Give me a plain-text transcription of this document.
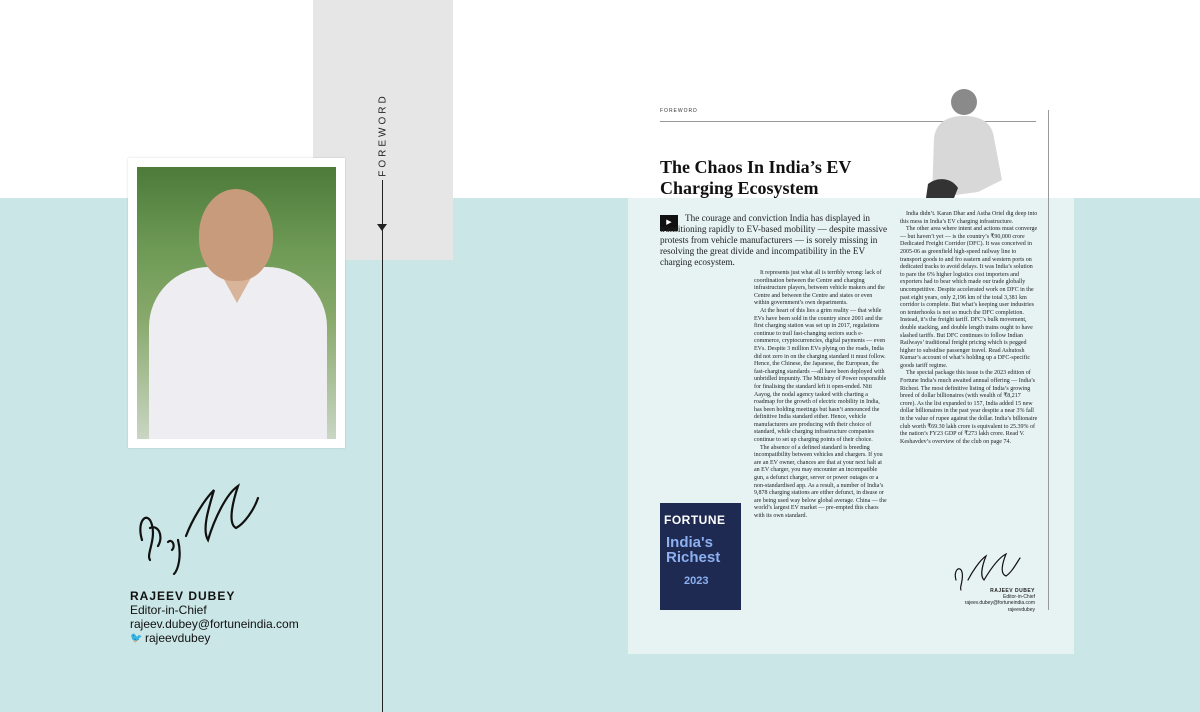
FOREWORD
RAJEEV DUBEY
Editor-in-Chief
rajeev.dubey@fortuneindia.com
🐦 rajeevdubey
FOREWORD
The Chaos In India’s EV Charging Ecosystem
▶	The courage and conviction India has displayed in transitioning rapidly to EV-based mobility — despite massive protests from vehicle manufacturers — is sorely missing in resolving the great divide and incompatibility in the EV charging ecosystem.

It represents just what all is terribly wrong: lack of coordination between the Centre and charging infrastructure players, between vehicle makers and the Centre and between the Centre and states or even within government’s own departments.

At the heart of this lies a grim reality — that while EVs have been sold in the country since 2001 and the first charging station was set up in 2017, regulations continue to trail fast-changing sectors such e-commerce, cryptocurrencies, digital payments — even EVs. Despite 3 million EVs plying on the roads, India did not zero in on the charging standard it must follow. Hence, the Chinese, the Japanese, the European, the fast-charging standards —all have been deployed with unbridled impunity. The Ministry of Power responsible for finalising the standard left it open-ended. Niti Aayog, the nodal agency tasked with charting a roadmap for the growth of electric mobility in India, has been holding meetings but hasn’t announced the definitive India standard either. Hence, vehicle manufacturers are producing with their choice of standard, while charging infrastructure companies continue to set up charging points of their choice.

The absence of a defined standard is breeding incompatibility between vehicles and chargers. If you are an EV owner, chances are that at your next halt at an EV charger, you may encounter an incompatible gun, a defunct charger, server or power outages or a non-standardised app. As a result, a number of India’s 9,878 charging stations are either defunct, in disuse or are being used way below global average. China — the world’s largest EV market — pre-empted this chaos with its own standard.

India didn’t. Karan Dhar and Astha Oriel dig deep into this mess in India’s EV charging infrastructure.

The other area where intent and actions must converge — but haven’t yet — is the country’s ₹90,000 crore Dedicated Freight Corridor (DFC). It was conceived in 2005-06 as greenfield high-speed railway line to transport goods to and fro eastern and western ports on dedicated tracks to avoid delays. It was India’s solution to pare the 6% higher logistics cost importers and exporters had to bear which made our trade globally uncompetitive. Despite accelerated work on DFC in the past eight years, only 2,196 km of the total 3,381 km corridor is complete. But what’s keeping user industries on tenterhooks is not so much the DFC completion. Instead, it’s the freight tariff. DFC’s bulk movement, double stacking, and double length trains ought to have slashed tariffs. But DFC continues to follow Indian Railways’ traditional freight pricing which is pegged higher to subsidise passenger travel. Read Ashutosh Kumar’s account of what’s holding up a DFC-specific goods tariff regime.

The special package this issue is the 2023 edition of Fortune India’s much awaited annual offering — India’s Richest. The most definitive listing of India’s growing breed of dollar billionaires (with wealth of ₹8,217 crore). As the list expanded to 157, India added 15 new dollar billionaires in the past year despite a near 3% fall in the value of rupee against the dollar. India’s billionaire club worth ₹69.30 lakh crore is equivalent to 25.39% of the nation’s FY23 GDP of ₹273 lakh crore. Read V. Keshavdev’s overview of the club on page 74.

FORTUNE
India's Richest
2023
RAJEEV DUBEY
Editor-in-Chief
rajeev.dubey@fortuneindia.com
rajeevdubey
